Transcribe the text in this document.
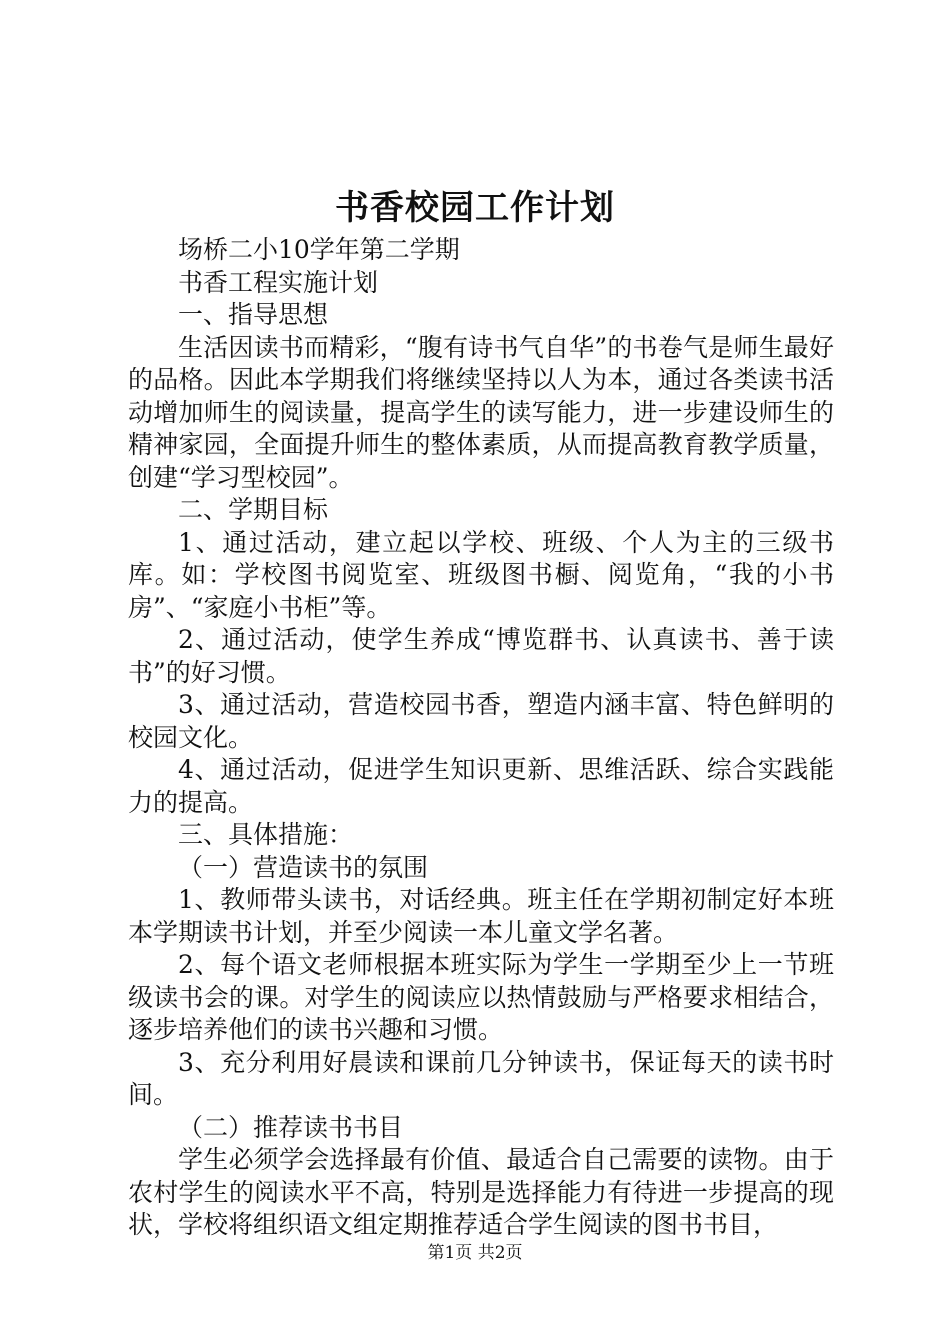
书香校园工作计划

场桥二小10学年第二学期

书香工程实施计划

一、指导思想

生活因读书而精彩，“腹有诗书气自华”的书卷气是师生最好的品格。因此本学期我们将继续坚持以人为本，通过各类读书活动增加师生的阅读量，提高学生的读写能力，进一步建设师生的精神家园，全面提升师生的整体素质，从而提高教育教学质量，创建“学习型校园”。

二、学期目标

1、通过活动，建立起以学校、班级、个人为主的三级书库。如：学校图书阅览室、班级图书橱、阅览角，“我的小书房”、“家庭小书柜”等。

2、通过活动，使学生养成“博览群书、认真读书、善于读书”的好习惯。

3、通过活动，营造校园书香，塑造内涵丰富、特色鲜明的校园文化。

4、通过活动，促进学生知识更新、思维活跃、综合实践能力的提高。

三、具体措施：

（一）营造读书的氛围

1、教师带头读书，对话经典。班主任在学期初制定好本班本学期读书计划，并至少阅读一本儿童文学名著。

2、每个语文老师根据本班实际为学生一学期至少上一节班级读书会的课。对学生的阅读应以热情鼓励与严格要求相结合，逐步培养他们的读书兴趣和习惯。

3、充分利用好晨读和课前几分钟读书，保证每天的读书时间。

（二）推荐读书书目

学生必须学会选择最有价值、最适合自己需要的读物。由于农村学生的阅读水平不高，特别是选择能力有待进一步提高的现状，学校将组织语文组定期推荐适合学生阅读的图书书目，

第1页 共2页
